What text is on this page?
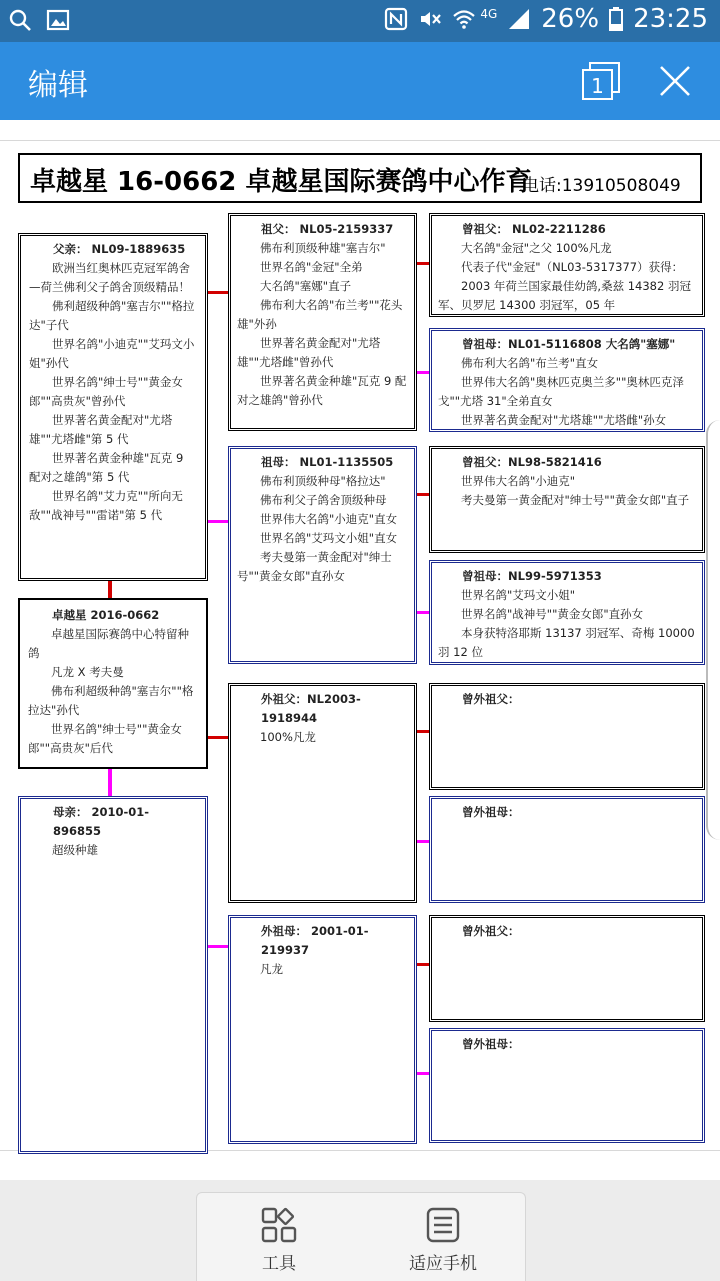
4G 26% 23:25
编辑	1
卓越星 16-0662 卓越星国际赛鸽中心作育
电话:13910508049

父亲： NL09-1889635

欧洲当红奥林匹克冠军鸽舍—荷兰佛利父子鸽舍顶级精品！

佛利超级种鸽"塞吉尔""格拉达"子代

世界名鸽"小迪克""艾玛文小姐"孙代

世界名鸽"绅士号""黄金女郎""高贵灰"曾孙代

世界著名黄金配对"尤塔雄""尤塔雌"第 5 代

世界著名黄金种雄"瓦克 9 配对之雄鸽"第 5 代

世界名鸽"艾力克""所向无敌""战神号""雷诺"第 5 代

卓越星 2016-0662

卓越星国际赛鸽中心特留种鸽

凡龙 X 考夫曼

佛布利超级种鸽"塞吉尔""格拉达"孙代

世界名鸽"绅士号""黄金女郎""高贵灰"后代

母亲： 2010-01-896855

超级种雄

祖父： NL05-2159337

佛布利顶级种雄"塞吉尔"

世界名鸽"金冠"全弟

大名鸽"塞娜"直子

佛布利大名鸽"布兰考""花头雄"外孙

世界著名黄金配对"尤塔雄""尤塔雌"曾孙代

世界著名黄金种雄"瓦克 9 配对之雄鸽"曾孙代

祖母： NL01-1135505

佛布利顶级种母"格拉达"

佛布利父子鸽舍顶级种母

世界伟大名鸽"小迪克"直女

世界名鸽"艾玛文小姐"直女

考夫曼第一黄金配对"绅士号""黄金女郎"直孙女

外祖父：NL2003-1918944

100%凡龙

外祖母： 2001-01-219937

凡龙

曾祖父： NL02-2211286

大名鸽"金冠"之父 100%凡龙

代表子代"金冠"（NL03-5317377）获得：

2003 年荷兰国家最佳幼鸽,桑兹 14382 羽冠军、贝罗尼 14300 羽冠军，05 年

曾祖母：NL01-5116808 大名鸽"塞娜"

佛布利大名鸽"布兰考"直女

世界伟大名鸽"奥林匹克奥兰多""奥林匹克泽戈""尤塔 31"全弟直女

世界著名黄金配对"尤塔雄""尤塔雌"孙女

曾祖父：NL98-5821416

世界伟大名鸽"小迪克"

考夫曼第一黄金配对"绅士号""黄金女郎"直子

曾祖母：NL99-5971353

世界名鸽"艾玛文小姐"

世界名鸽"战神号""黄金女郎"直孙女

本身获特洛耶斯 13137 羽冠军、奇梅 10000 羽 12 位

曾外祖父：

曾外祖母：

曾外祖父：

曾外祖母：

工具	适应手机
